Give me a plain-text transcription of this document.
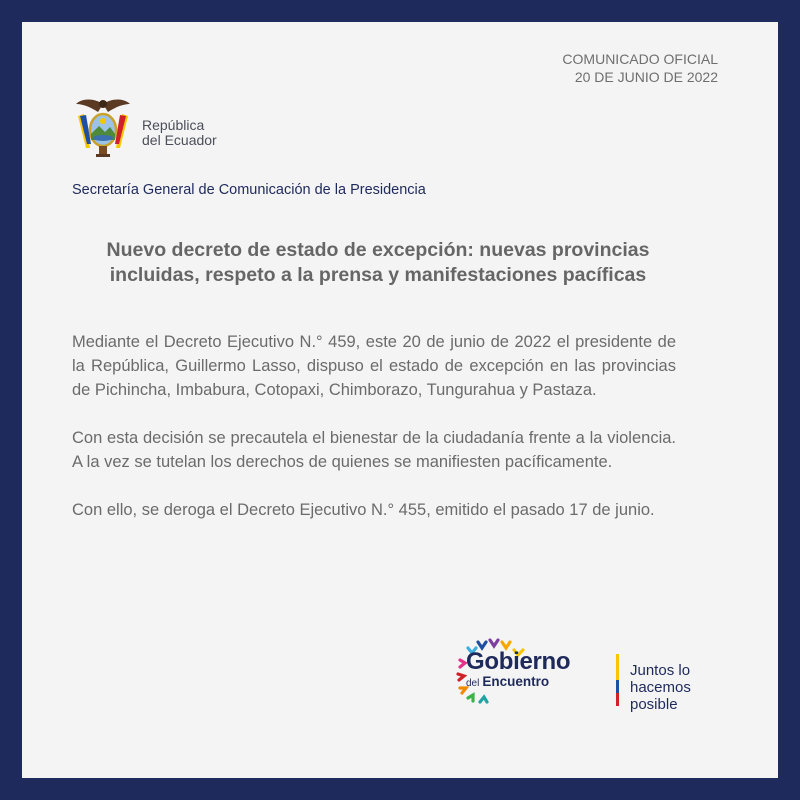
COMUNICADO OFICIAL
20 DE JUNIO DE 2022
República
del Ecuador
Secretaría General de Comunicación de la Presidencia
Nuevo decreto de estado de excepción: nuevas provincias incluidas, respeto a la prensa y manifestaciones pacíficas

Mediante el Decreto Ejecutivo N.° 459, este 20 de junio de 2022 el presidente de la República, Guillermo Lasso, dispuso el estado de excepción en las provincias de Pichincha, Imbabura, Cotopaxi, Chimborazo, Tungurahua y Pastaza.

Con esta decisión se precautela el bienestar de la ciudadanía frente a la violencia. A la vez se tutelan los derechos de quienes se manifiesten pacíficamente.

Con ello, se deroga el Decreto Ejecutivo N.° 455, emitido el pasado 17 de junio.

Gobierno
del Encuentro
Juntos lo
hacemos posible
